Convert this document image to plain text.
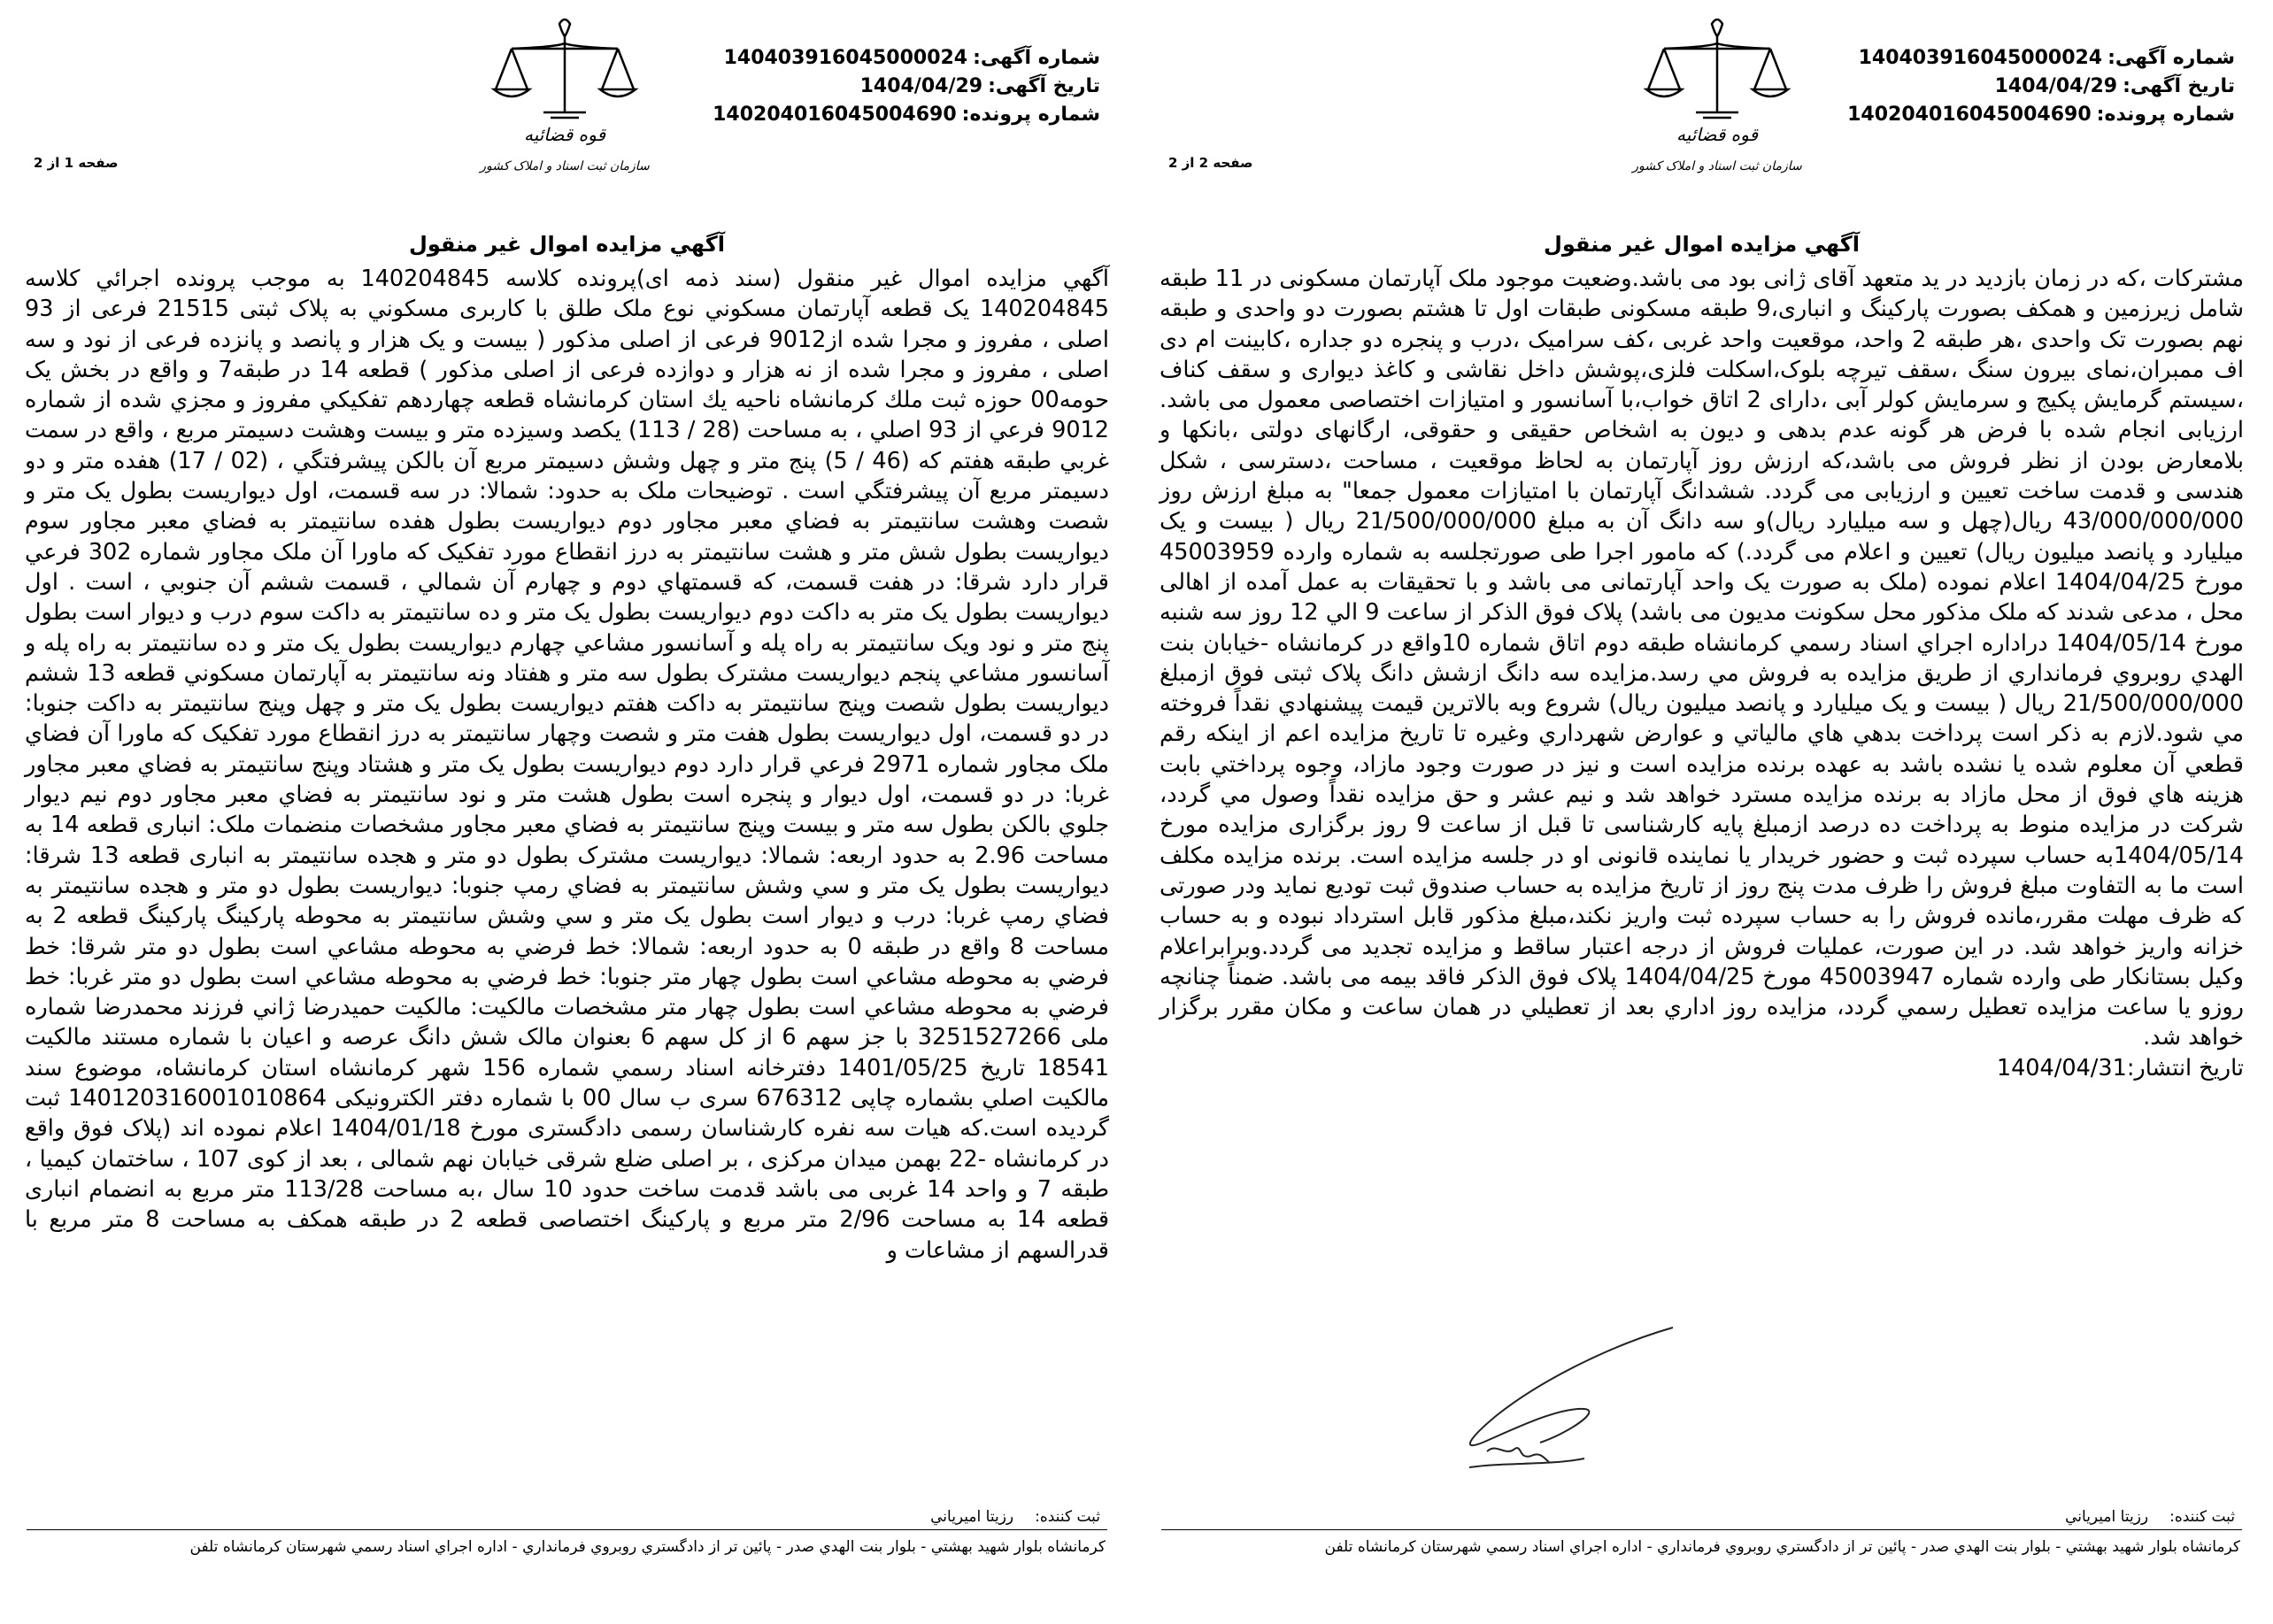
شماره آگهی:140403916045000024
تاریخ آگهی:1404/04/29
شماره پرونده:140204016045004690
قوه قضائیه
سازمان ثبت اسناد و املاک کشور
صفحه 1 از 2
آگهي مزايده اموال غير منقول

آگهي مزايده اموال غير منقول (سند ذمه اى)پرونده كلاسه 140204845 به موجب پرونده اجرائي كلاسه 140204845 يک قطعه آپارتمان مسكوني نوع ملک طلق با كاربرى مسكوني به پلاک ثبتى 21515 فرعى از 93 اصلى ، مفروز و مجرا شده از9012 فرعى از اصلى مذكور ( بيست و يک هزار و پانصد و پانزده فرعى از نود و سه اصلى ، مفروز و مجرا شده از نه هزار و دوازده فرعى از اصلى مذكور ) قطعه 14 در طبقه7 و واقع در بخش يک حومه00 حوزه ثبت ملك كرمانشاه ناحيه يك استان كرمانشاه قطعه چهاردهم تفكيكي مفروز و مجزي شده از شماره 9012 فرعي از 93 اصلي ، به مساحت (28 / 113) يكصد وسيزده متر و بيست وهشت دسيمتر مربع ، واقع در سمت غربي طبقه هفتم كه (46 / 5) پنج متر و چهل وشش دسيمتر مربع آن بالكن پيشرفتگي ، (02 / 17) هفده متر و دو دسيمتر مربع آن پيشرفتگي است . توضيحات ملک به حدود: شمالا: در سه قسمت، اول ديواريست بطول يک متر و شصت وهشت سانتيمتر به فضاي معبر مجاور دوم ديواريست بطول هفده سانتيمتر به فضاي معبر مجاور سوم ديواريست بطول شش متر و هشت سانتيمتر به درز انقطاع مورد تفكيک كه ماورا آن ملک مجاور شماره 302 فرعي قرار دارد شرقا: در هفت قسمت، كه قسمتهاي دوم و چهارم آن شمالي ، قسمت ششم آن جنوبي ، است . اول ديواريست بطول يک متر به داكت دوم ديواريست بطول يک متر و ده سانتيمتر به داكت سوم درب و ديوار است بطول پنج متر و نود ويک سانتيمتر به راه پله و آسانسور مشاعي چهارم ديواريست بطول يک متر و ده سانتيمتر به راه پله و آسانسور مشاعي پنجم ديواريست مشترک بطول سه متر و هفتاد ونه سانتيمتر به آپارتمان مسكوني قطعه 13 ششم ديواريست بطول شصت وپنج سانتيمتر به داكت هفتم ديواريست بطول يک متر و چهل وپنج سانتيمتر به داكت جنوبا: در دو قسمت، اول ديواريست بطول هفت متر و شصت وچهار سانتيمتر به درز انقطاع مورد تفكيک كه ماورا آن فضاي ملک مجاور شماره 2971 فرعي قرار دارد دوم ديواريست بطول يک متر و هشتاد وپنج سانتيمتر به فضاي معبر مجاور غربا: در دو قسمت، اول ديوار و پنجره است بطول هشت متر و نود سانتيمتر به فضاي معبر مجاور دوم نيم ديوار جلوي بالكن بطول سه متر و بيست وپنج سانتيمتر به فضاي معبر مجاور مشخصات منضمات ملک: انبارى قطعه 14 به مساحت 2.96 به حدود اربعه: شمالا: ديواريست مشترک بطول دو متر و هجده سانتيمتر به انبارى قطعه 13 شرقا: ديواريست بطول يک متر و سي وشش سانتيمتر به فضاي رمپ جنوبا: ديواريست بطول دو متر و هجده سانتيمتر به فضاي رمپ غربا: درب و ديوار است بطول يک متر و سي وشش سانتيمتر به محوطه پاركينگ پاركينگ قطعه 2 به مساحت 8 واقع در طبقه 0 به حدود اربعه: شمالا: خط فرضي به محوطه مشاعي است بطول دو متر شرقا: خط فرضي به محوطه مشاعي است بطول چهار متر جنوبا: خط فرضي به محوطه مشاعي است بطول دو متر غربا: خط فرضي به محوطه مشاعي است بطول چهار متر مشخصات مالكيت: مالكيت حميدرضا ژاني فرزند محمدرضا شماره ملى 3251527266 با جز سهم 6 از كل سهم 6 بعنوان مالک شش دانگ عرصه و اعيان با شماره مستند مالكيت 18541 تاريخ 1401/05/25 دفترخانه اسناد رسمي شماره 156 شهر كرمانشاه استان كرمانشاه، موضوع سند مالكيت اصلي بشماره چاپى 676312 سرى ب سال 00 با شماره دفتر الكترونيكى 140120316001010864 ثبت گرديده است.كه هيات سه نفره كارشناسان رسمى دادگسترى مورخ 1404/01/18 اعلام نموده اند (پلاک فوق واقع در كرمانشاه -22 بهمن ميدان مركزى ، بر اصلى ضلع شرقى خيابان نهم شمالى ، بعد از كوى 107 ، ساختمان كيميا ، طبقه 7 و واحد 14 غربى مى باشد قدمت ساخت حدود 10 سال ،به مساحت 113/28 متر مربع به انضمام انبارى قطعه 14 به مساحت 2/96 متر مربع و پاركينگ اختصاصى قطعه 2 در طبقه همكف به مساحت 8 متر مربع با قدرالسهم از مشاعات و

ثبت كننده:رزيتا اميرياني
كرمانشاه بلوار شهيد بهشتي - بلوار بنت الهدي صدر - پائين تر از دادگستري روبروي فرمانداري - اداره اجراي اسناد رسمي شهرستان كرمانشاه تلفن
شماره آگهی:140403916045000024
تاریخ آگهی:1404/04/29
شماره پرونده:140204016045004690
قوه قضائیه
سازمان ثبت اسناد و املاک کشور
صفحه 2 از 2
آگهي مزايده اموال غير منقول

مشتركات ،كه در زمان بازديد در يد متعهد آقاى ژانى بود مى باشد.وضعيت موجود ملک آپارتمان مسكونى در 11 طبقه شامل زيرزمين و همكف بصورت پاركينگ و انبارى،9 طبقه مسكونى طبقات اول تا هشتم بصورت دو واحدى و طبقه نهم بصورت تک واحدى ،هر طبقه 2 واحد، موقعيت واحد غربى ،كف سراميک ،درب و پنجره دو جداره ،كابينت ام دى اف ممبران،نماى بيرون سنگ ،سقف تيرچه بلوک،اسكلت فلزى،پوشش داخل نقاشى و كاغذ ديوارى و سقف كناف ،سيستم گرمايش پكيج و سرمايش كولر آبى ،داراى 2 اتاق خواب،با آسانسور و امتيازات اختصاصى معمول مى باشد. ارزيابى انجام شده با فرض هر گونه عدم بدهى و ديون به اشخاص حقيقى و حقوقى، ارگانهاى دولتى ،بانكها و بلامعارض بودن از نظر فروش مى باشد،كه ارزش روز آپارتمان به لحاظ موقعيت ، مساحت ،دسترسى ، شكل هندسى و قدمت ساخت تعيين و ارزيابى مى گردد. ششدانگ آپارتمان با امتيازات معمول جمعا" به مبلغ ارزش روز 43/000/000/000 ريال(چهل و سه ميليارد ريال)و سه دانگ آن به مبلغ 21/500/000/000 ريال ( بيست و يک ميليارد و پانصد ميليون ريال) تعيين و اعلام مى گردد.) كه مامور اجرا طى صورتجلسه به شماره وارده 45003959 مورخ 1404/04/25 اعلام نموده (ملک به صورت يک واحد آپارتمانى مى باشد و با تحقيقات به عمل آمده از اهالى محل ، مدعى شدند كه ملک مذكور محل سكونت مديون مى باشد) پلاک فوق الذكر از ساعت 9 الي 12 روز سه شنبه مورخ 1404/05/14 دراداره اجراي اسناد رسمي كرمانشاه طبقه دوم اتاق شماره 10واقع در كرمانشاه -خيابان بنت الهدي روبروي فرمانداري از طريق مزايده به فروش مي رسد.مزايده سه دانگ ازشش دانگ پلاک ثبتى فوق ازمبلغ 21/500/000/000 ريال ( بيست و يک ميليارد و پانصد ميليون ريال) شروع وبه بالاترين قيمت پيشنهادي نقداً فروخته مي شود.لازم به ذكر است پرداخت بدهي هاي مالياتي و عوارض شهرداري وغيره تا تاريخ مزايده اعم از اينكه رقم قطعي آن معلوم شده يا نشده باشد به عهده برنده مزايده است و نيز در صورت وجود مازاد، وجوه پرداختي بابت هزينه هاي فوق از محل مازاد به برنده مزايده مسترد خواهد شد و نيم عشر و حق مزايده نقداً وصول مي گردد، شركت در مزايده منوط به پرداخت ده درصد ازمبلغ پايه كارشناسى تا قبل از ساعت 9 روز برگزارى مزايده مورخ 1404/05/14به حساب سپرده ثبت و حضور خريدار يا نماينده قانونى او در جلسه مزايده است. برنده مزايده مكلف است ما به التفاوت مبلغ فروش را ظرف مدت پنج روز از تاريخ مزايده به حساب صندوق ثبت توديع نمايد ودر صورتى كه ظرف مهلت مقرر،مانده فروش را به حساب سپرده ثبت واريز نكند،مبلغ مذكور قابل استرداد نبوده و به حساب خزانه واريز خواهد شد. در اين صورت، عمليات فروش از درجه اعتبار ساقط و مزايده تجديد مى گردد.وبرابراعلام وكيل بستانكار طى وارده شماره 45003947 مورخ 1404/04/25 پلاک فوق الذكر فاقد بيمه مى باشد. ضمناً چنانچه روزو يا ساعت مزايده تعطيل رسمي گردد، مزايده روز اداري بعد از تعطيلي در همان ساعت و مكان مقرر برگزار خواهد شد.

تاريخ انتشار:1404/04/31

ثبت كننده:رزيتا اميرياني
كرمانشاه بلوار شهيد بهشتي - بلوار بنت الهدي صدر - پائين تر از دادگستري روبروي فرمانداري - اداره اجراي اسناد رسمي شهرستان كرمانشاه تلفن
